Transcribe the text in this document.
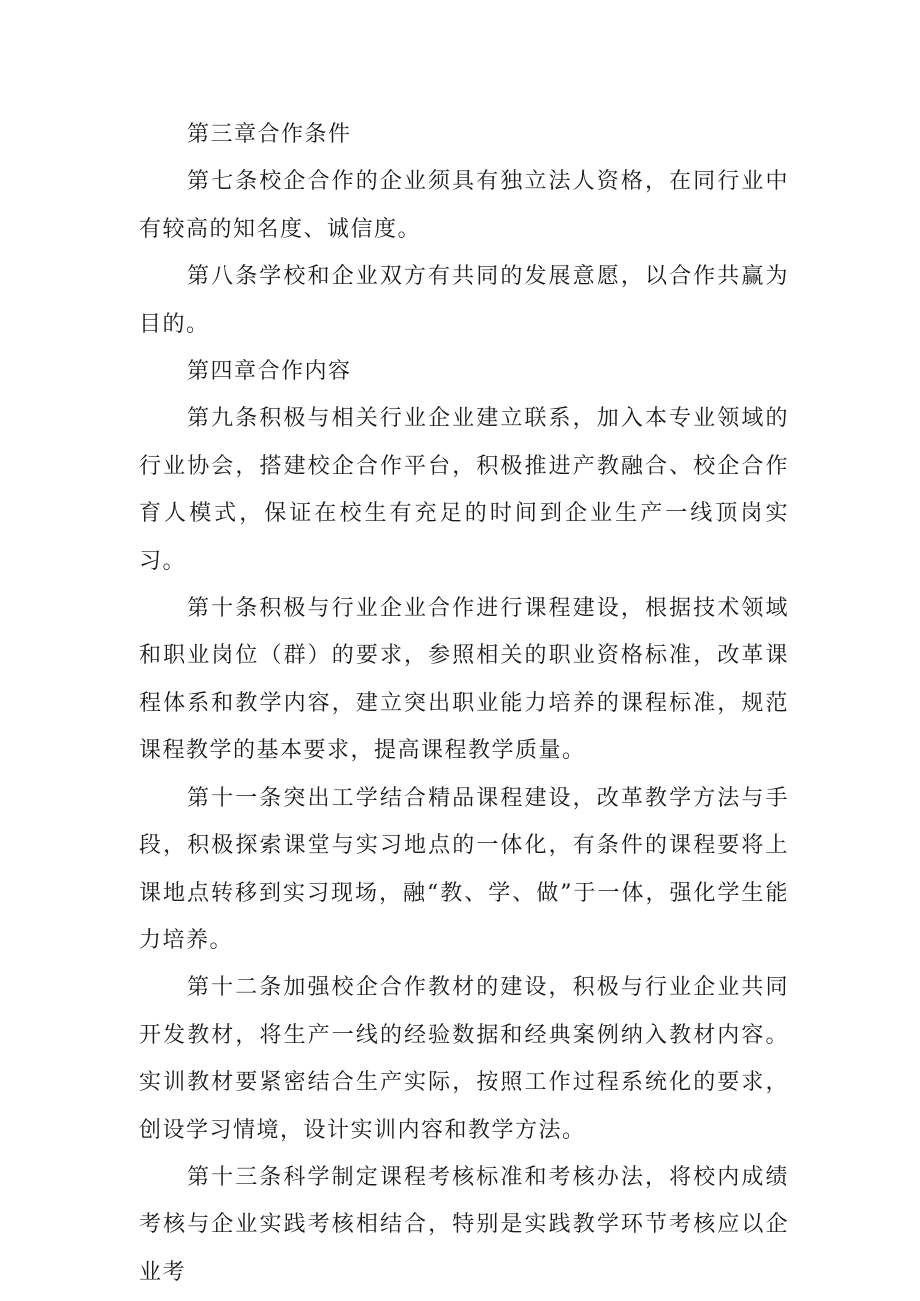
第三章合作条件

第七条校企合作的企业须具有独立法人资格，在同行业中有较高的知名度、诚信度。

第八条学校和企业双方有共同的发展意愿，以合作共赢为目的。

第四章合作内容

第九条积极与相关行业企业建立联系，加入本专业领域的行业协会，搭建校企合作平台，积极推进产教融合、校企合作育人模式，保证在校生有充足的时间到企业生产一线顶岗实习。

第十条积极与行业企业合作进行课程建设，根据技术领域和职业岗位（群）的要求，参照相关的职业资格标准，改革课程体系和教学内容，建立突出职业能力培养的课程标准，规范课程教学的基本要求，提高课程教学质量。

第十一条突出工学结合精品课程建设，改革教学方法与手段，积极探索课堂与实习地点的一体化，有条件的课程要将上课地点转移到实习现场，融“教、学、做”于一体，强化学生能力培养。

第十二条加强校企合作教材的建设，积极与行业企业共同开发教材，将生产一线的经验数据和经典案例纳入教材内容。实训教材要紧密结合生产实际，按照工作过程系统化的要求，创设学习情境，设计实训内容和教学方法。

第十三条科学制定课程考核标准和考核办法，将校内成绩考核与企业实践考核相结合，特别是实践教学环节考核应以企业考
